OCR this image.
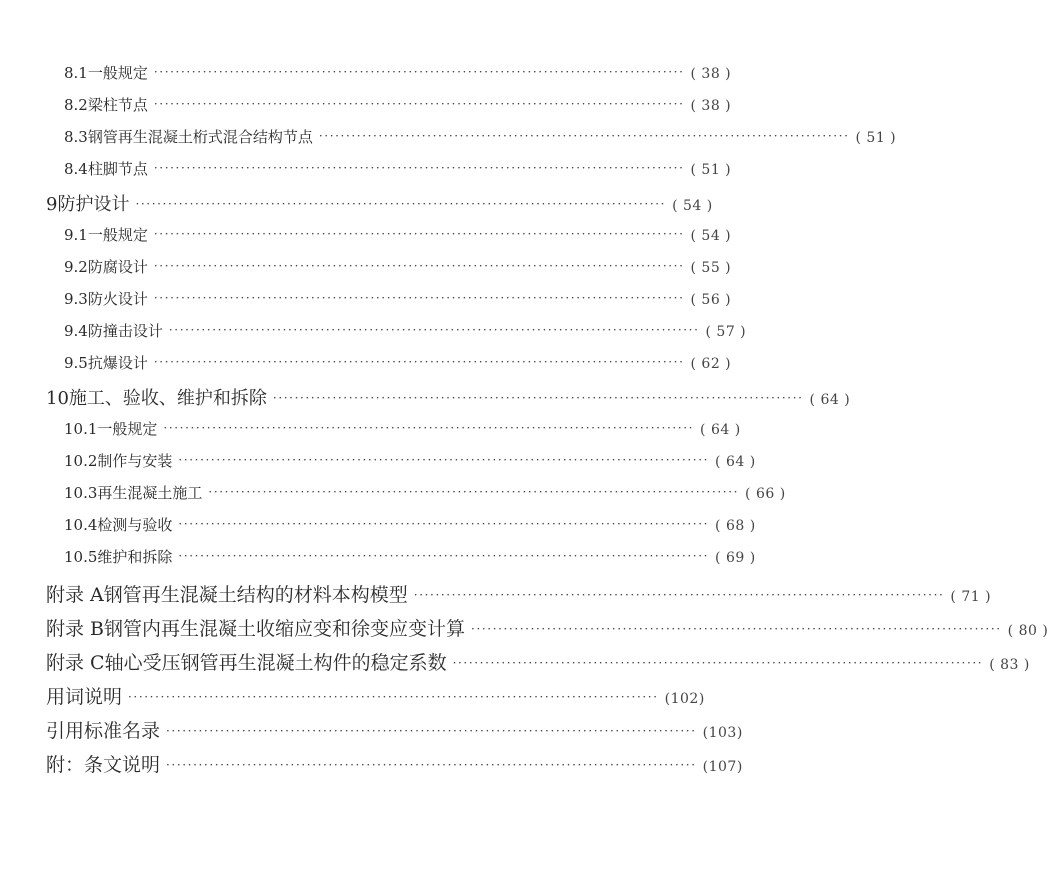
8.1 一般规定 ·································································································· ( 38 )
8.2 梁柱节点 ·································································································· ( 38 )
8.3 钢管再生混凝土桁式混合结构节点 ·································································································· ( 51 )
8.4 柱脚节点 ·································································································· ( 51 )
9 防护设计 ·································································································· ( 54 )
9.1 一般规定 ·································································································· ( 54 )
9.2 防腐设计 ·································································································· ( 55 )
9.3 防火设计 ·································································································· ( 56 )
9.4 防撞击设计 ·································································································· ( 57 )
9.5 抗爆设计 ·································································································· ( 62 )
10 施工、验收、维护和拆除 ·································································································· ( 64 )
10.1 一般规定 ·································································································· ( 64 )
10.2 制作与安装 ·································································································· ( 64 )
10.3 再生混凝土施工 ·································································································· ( 66 )
10.4 检测与验收 ·································································································· ( 68 )
10.5 维护和拆除 ·································································································· ( 69 )
附录 A 钢管再生混凝土结构的材料本构模型 ·································································································· ( 71 )
附录 B 钢管内再生混凝土收缩应变和徐变应变计算 ·································································································· ( 80 )
附录 C 轴心受压钢管再生混凝土构件的稳定系数 ·································································································· ( 83 )
用词说明 ·································································································· (102)
引用标准名录 ·································································································· (103)
附：条文说明 ·································································································· (107)
